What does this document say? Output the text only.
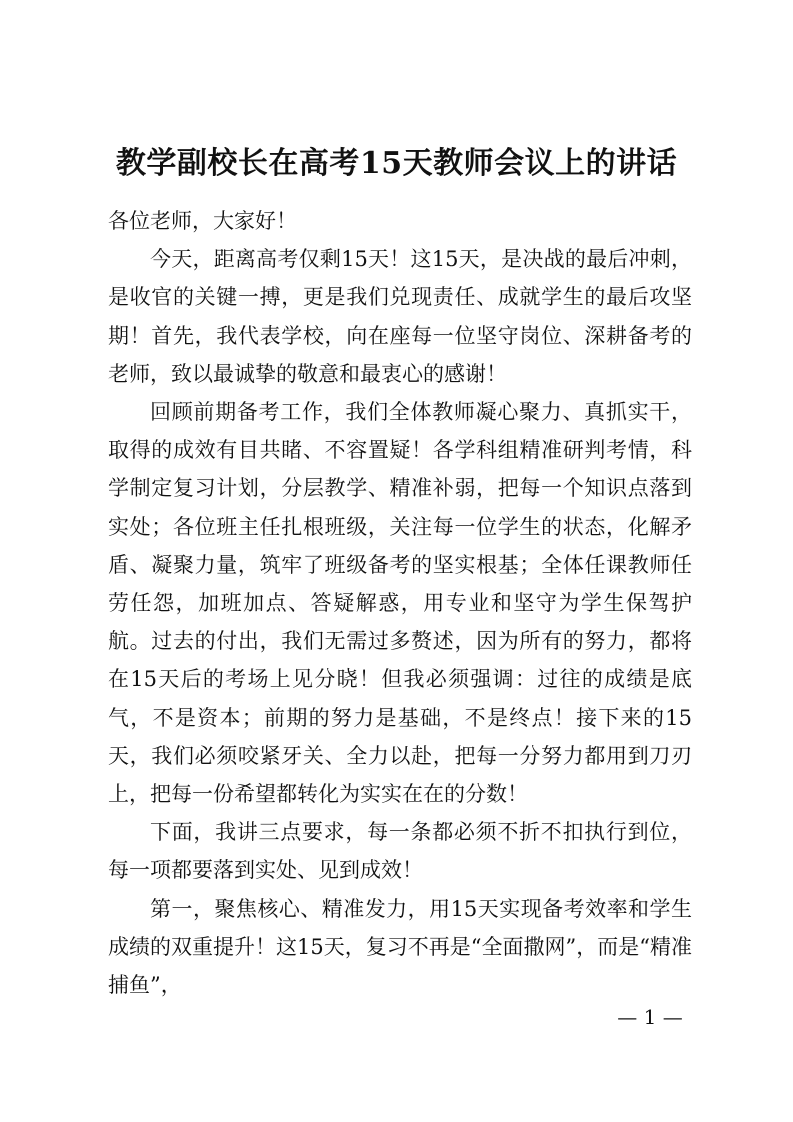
教学副校长在高考15天教师会议上的讲话

各位老师，大家好！

今天，距离高考仅剩15天！这15天，是决战的最后冲刺，是收官的关键一搏，更是我们兑现责任、成就学生的最后攻坚期！首先，我代表学校，向在座每一位坚守岗位、深耕备考的老师，致以最诚挚的敬意和最衷心的感谢！

回顾前期备考工作，我们全体教师凝心聚力、真抓实干，取得的成效有目共睹、不容置疑！各学科组精准研判考情，科学制定复习计划，分层教学、精准补弱，把每一个知识点落到实处；各位班主任扎根班级，关注每一位学生的状态，化解矛盾、凝聚力量，筑牢了班级备考的坚实根基；全体任课教师任劳任怨，加班加点、答疑解惑，用专业和坚守为学生保驾护航。过去的付出，我们无需过多赘述，因为所有的努力，都将在15天后的考场上见分晓！但我必须强调：过往的成绩是底气，不是资本；前期的努力是基础，不是终点！接下来的15天，我们必须咬紧牙关、全力以赴，把每一分努力都用到刀刃上，把每一份希望都转化为实实在在的分数！

下面，我讲三点要求，每一条都必须不折不扣执行到位，每一项都要落到实处、见到成效！

第一，聚焦核心、精准发力，用15天实现备考效率和学生成绩的双重提升！这15天，复习不再是“全面撒网”，而是“精准捕鱼”，

— 1 —
